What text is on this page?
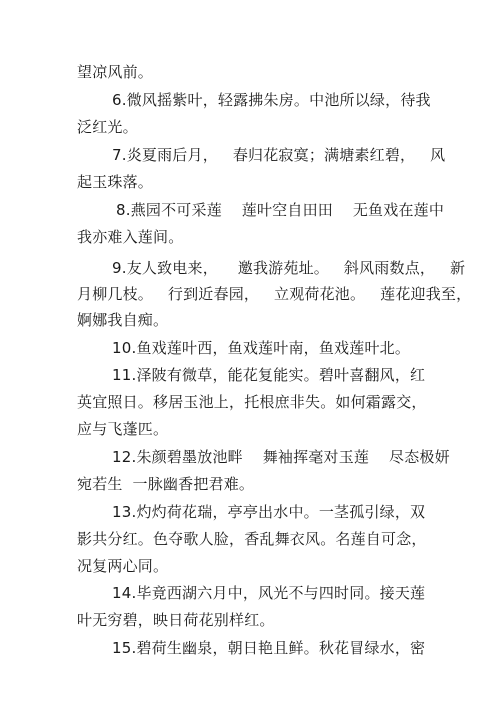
望凉风前。
6.微风摇紫叶，轻露拂朱房。中池所以绿，待我
泛红光。
7.炎夏雨后月，   春归花寂寞；满塘素红碧，   风
起玉珠落。
8.燕园不可采莲    莲叶空自田田    无鱼戏在莲中
我亦难入莲间。
9.友人致电来，    邀我游苑址。   斜风雨数点，   新
月柳几枝。   行到近春园，   立观荷花池。   莲花迎我至，
婀娜我自痴。
10.鱼戏莲叶西，鱼戏莲叶南，鱼戏莲叶北。
11.泽陂有微草，能花复能实。碧叶喜翻风，红
英宜照日。移居玉池上，托根庶非失。如何霜露交，
应与飞蓬匹。
12.朱颜碧墨放池畔    舞袖挥毫对玉莲    尽态极妍
宛若生  一脉幽香把君难。
13.灼灼荷花瑞，亭亭出水中。一茎孤引绿，双
影共分红。色夺歌人脸，香乱舞衣风。名莲自可念，
况复两心同。
14.毕竟西湖六月中，风光不与四时同。接天莲
叶无穷碧，映日荷花别样红。
15.碧荷生幽泉，朝日艳且鲜。秋花冒绿水，密
